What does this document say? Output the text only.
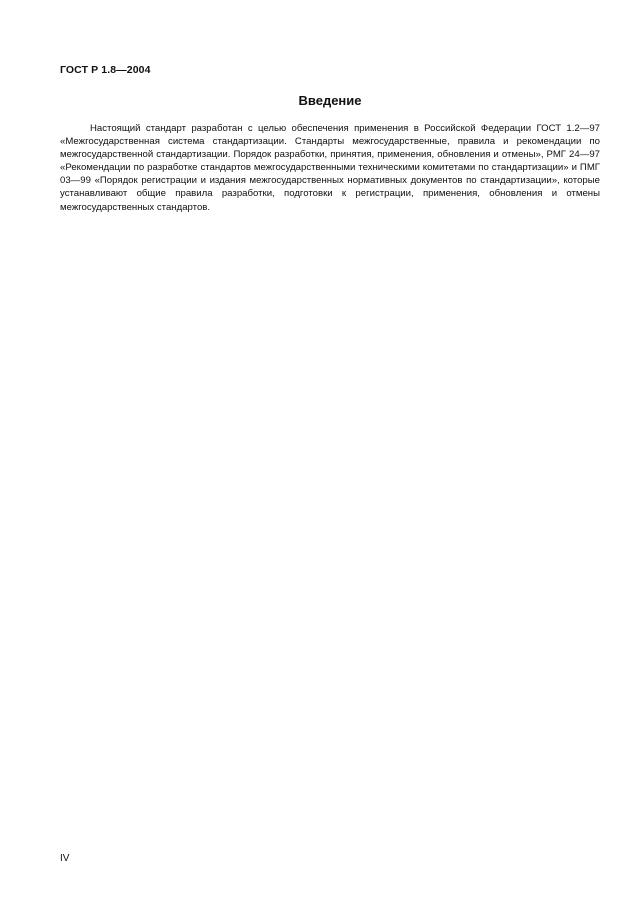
ГОСТ Р 1.8—2004
Введение

Настоящий стандарт разработан с целью обеспечения применения в Российской Федерации ГОСТ 1.2—97 «Межгосударственная система стандартизации. Стандарты межгосударственные, правила и рекомендации по межгосударственной стандартизации. Порядок разработки, принятия, применения, обновления и отмены», РМГ 24—97 «Рекомендации по разработке стандартов межгосударственными техническими комитетами по стандартизации» и ПМГ 03—99 «Порядок регистрации и издания межгосударственных нормативных документов по стандартизации», которые устанавливают общие правила разработки, подготовки к регистрации, применения, обновления и отмены межгосударственных стандартов.

IV
